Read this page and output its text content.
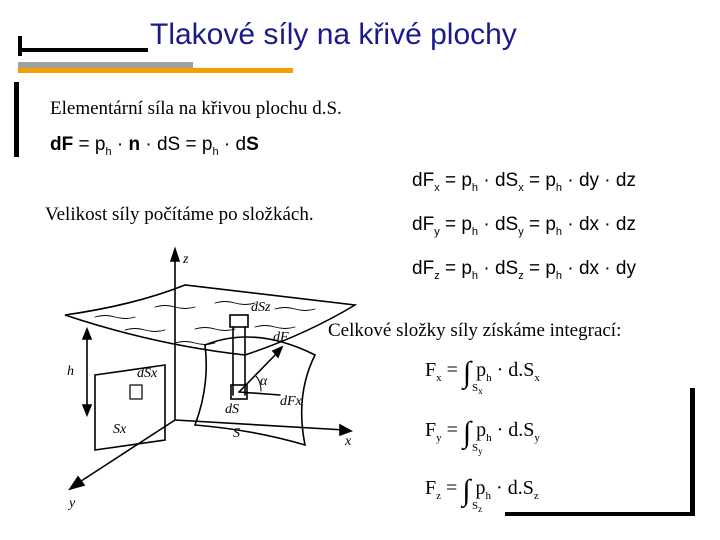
Tlakové síly na křivé plochy
Elementární síla na křivou plochu d.S.
dF = $p_h \cdot n$ · dS = $p_h$ · dS
Velikost síly počítáme po složkách.
$dF_x = p_h \cdot dS_x = p_h$ · dy · dz
$dF_y = p_h \cdot dS_y = p_h$ · dx · dz
$dF_z = p_h \cdot dS_z = p_h$ · dx · dy
Celkové složky síly získáme integrací:
$F_x$ = ∫ $p_h \cdot d.S_x$
$S_x$
$F_y$ = ∫ $p_h \cdot d.S_y$
$S_y$
$F_z$ = ∫ $p_h \cdot d.S_z$
$S_z$
z
x
y
h
dSz
dF
α
dFx
dSx
Sx
dS
S
